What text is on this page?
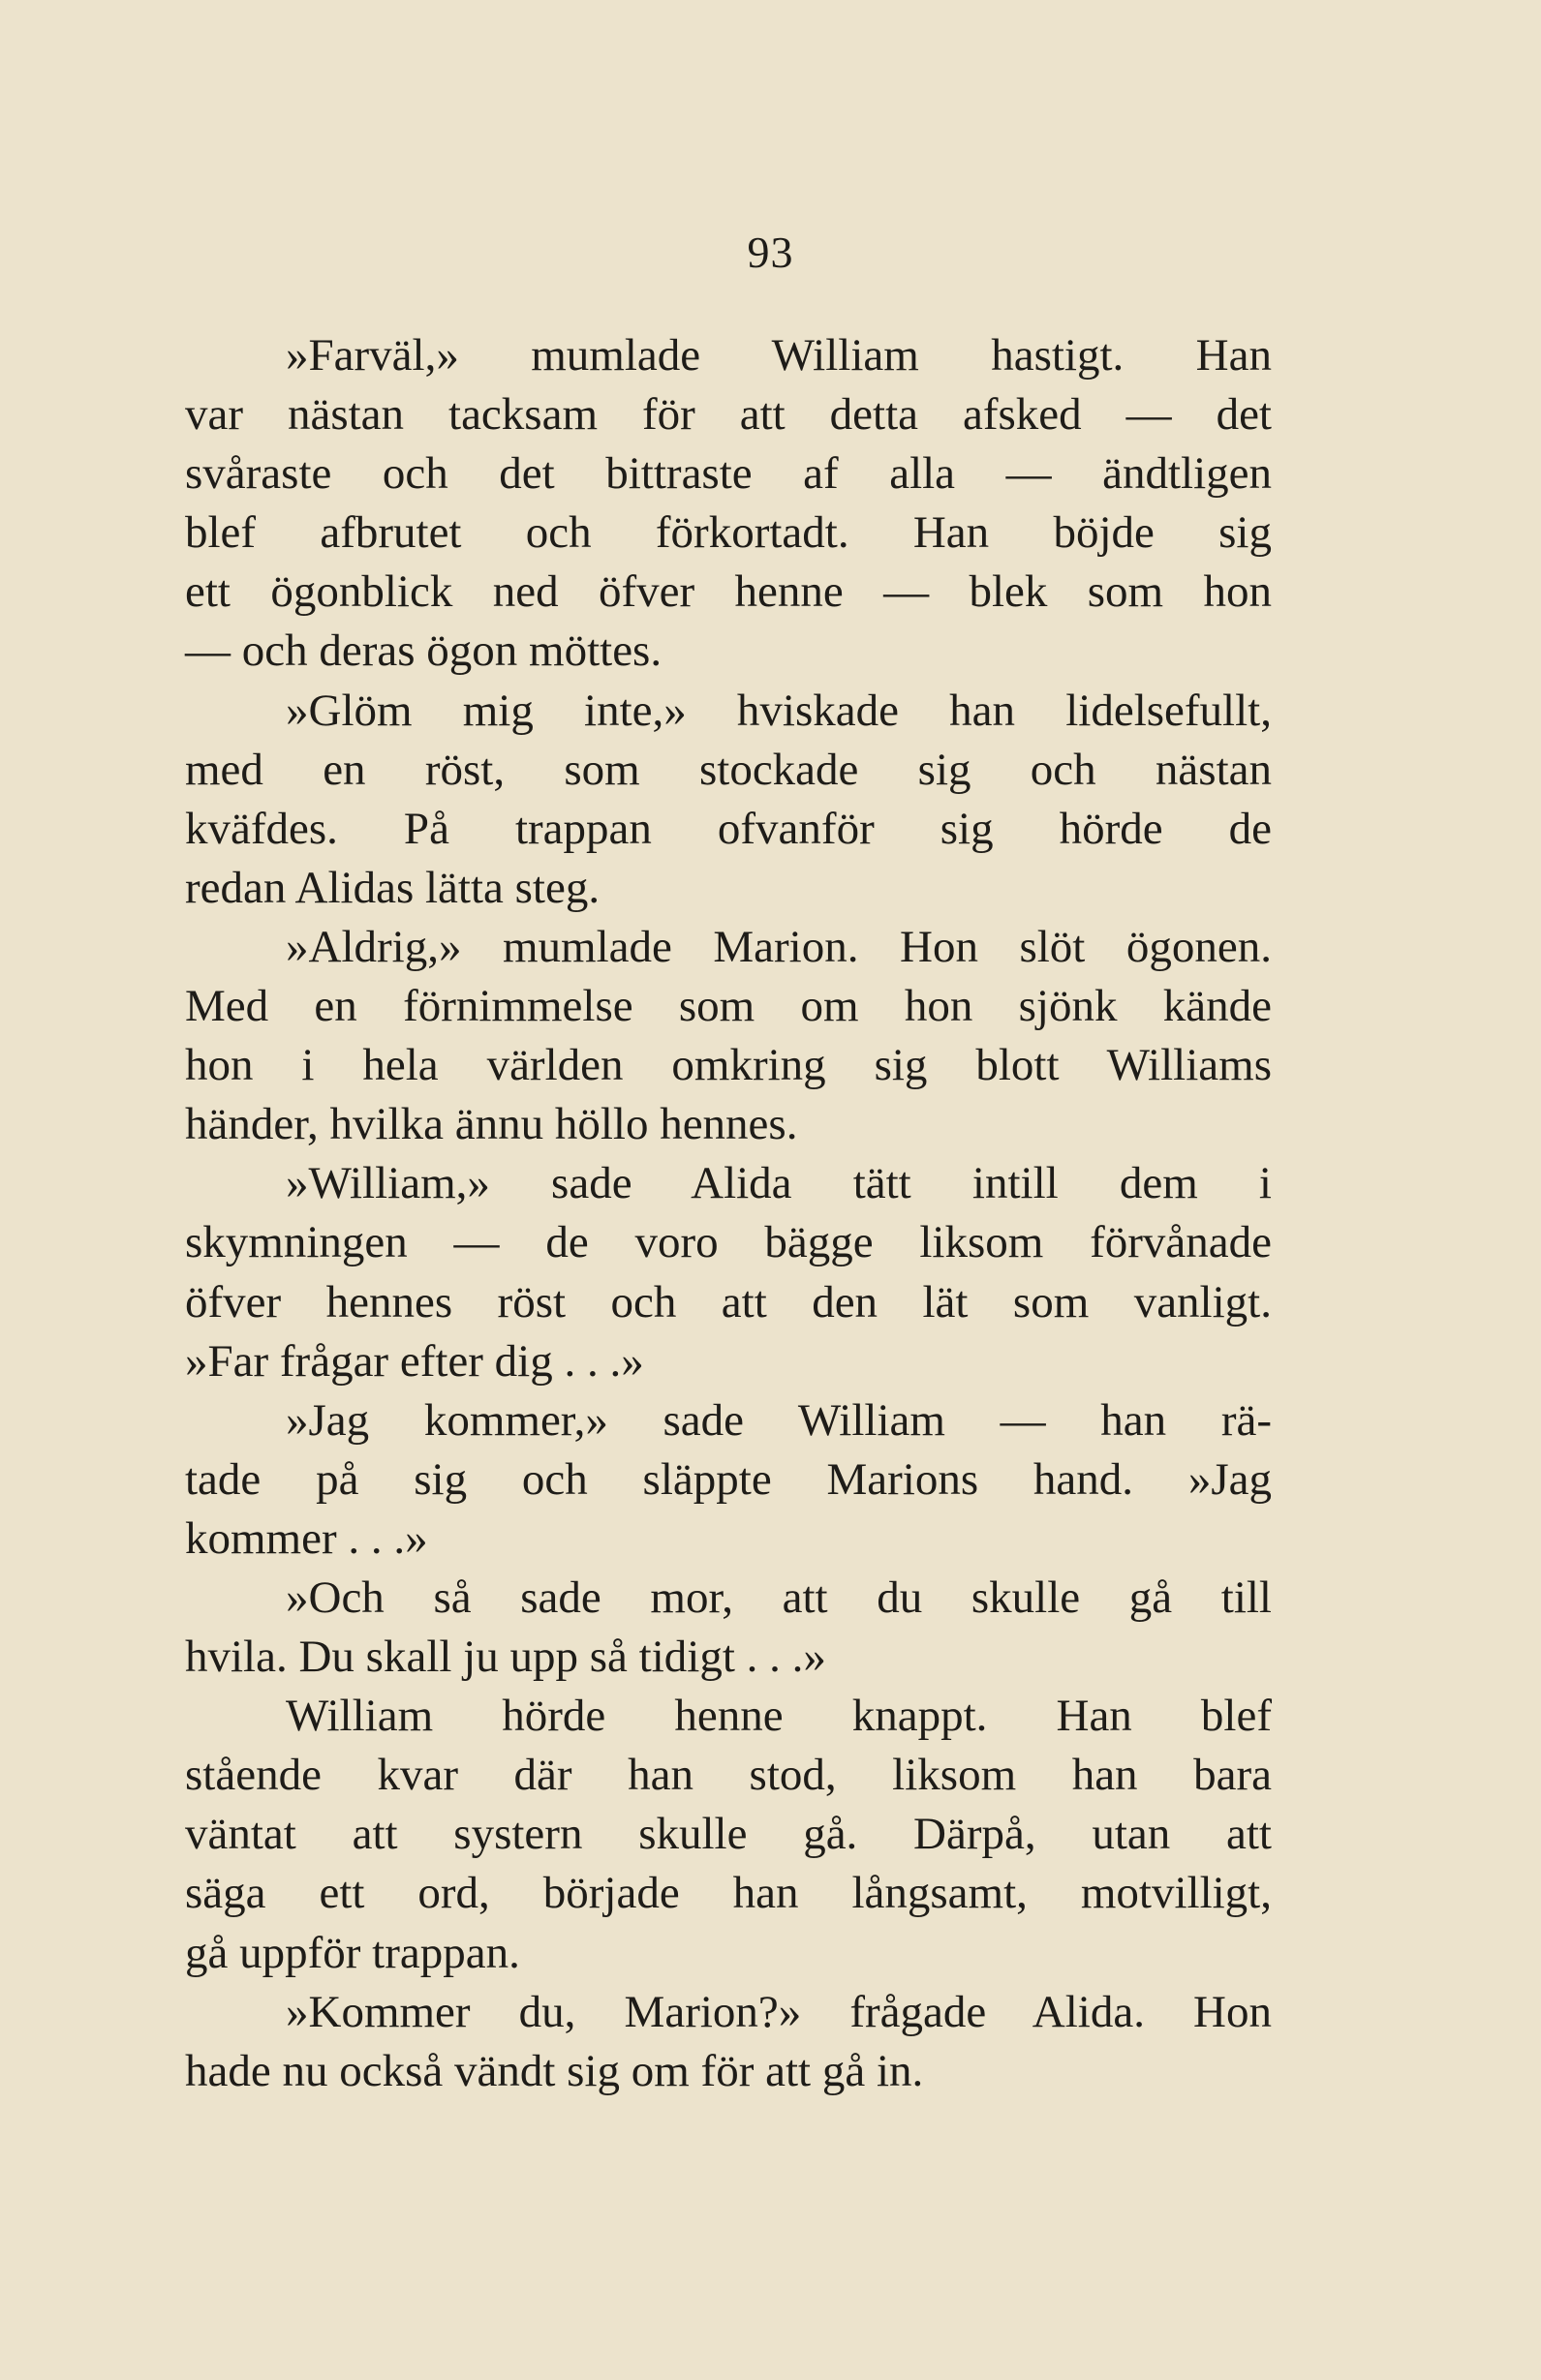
93
»Farväl,» mumlade William hastigt. Han
var nästan tacksam för att detta afsked — det
svåraste och det bittraste af alla — ändtligen
blef afbrutet och förkortadt. Han böjde sig
ett ögonblick ned öfver henne — blek som hon
— och deras ögon möttes.
»Glöm mig inte,» hviskade han lidelsefullt,
med en röst, som stockade sig och nästan
kväfdes. På trappan ofvanför sig hörde de
redan Alidas lätta steg.
»Aldrig,» mumlade Marion. Hon slöt ögonen.
Med en förnimmelse som om hon sjönk kände
hon i hela världen omkring sig blott Williams
händer, hvilka ännu höllo hennes.
»William,» sade Alida tätt intill dem i
skymningen — de voro bägge liksom förvånade
öfver hennes röst och att den lät som vanligt.
»Far frågar efter dig . . .»
»Jag kommer,» sade William — han rä-
tade på sig och släppte Marions hand. »Jag
kommer . . .»
»Och så sade mor, att du skulle gå till
hvila. Du skall ju upp så tidigt . . .»
William hörde henne knappt. Han blef
stående kvar där han stod, liksom han bara
väntat att systern skulle gå. Därpå, utan att
säga ett ord, började han långsamt, motvilligt,
gå uppför trappan.
»Kommer du, Marion?» frågade Alida. Hon
hade nu också vändt sig om för att gå in.
